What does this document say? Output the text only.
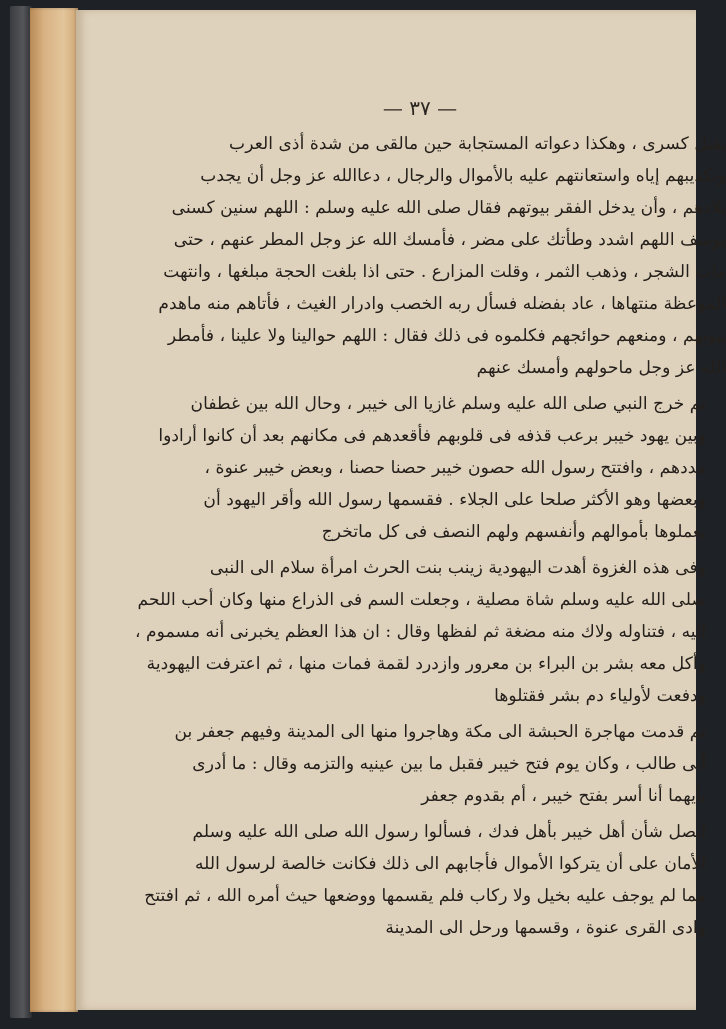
— ٣٧ —
بقتل كسرى ، وهكذا دعواته المستجابة حين مالقى من شدة أذى العرب
وتكذيبهم إياه واستعانتهم عليه بالأموال والرجال ، دعاالله عز وجل أن يجدب
بلادهم ، وأن يدخل الفقر بيوتهم فقال صلى الله عليه وسلم : اللهم سنين كسنى
يوسف اللهم اشدد وطأتك على مضر ، فأمسك الله عز وجل المطر عنهم ، حتى
مات الشجر ، وذهب الثمر ، وقلت المزارع . حتى اذا بلغت الحجة مبلغها ، وانتهت
الموعظة منتهاها ، عاد بفضله فسأل ربه الخصب وادرار الغيث ، فأتاهم منه ماهدم
بيوتهم ، ومنعهم حوائجهم فكلموه فى ذلك فقال : اللهم حوالينا ولا علينا ، فأمطر
الله عز وجل ماحولهم وأمسك عنهم
ثم خرج النبي صلى الله عليه وسلم غازيا الى خيبر ، وحال الله بين غطفان
وبين يهود خيبر برعب قذفه فى قلوبهم فأقعدهم فى مكانهم بعد أن كانوا أرادوا
مددهم ، وافتتح رسول الله حصون خيبر حصنا حصنا ، وبعض خيبر عنوة ،
وبعضها وهو الأكثر صلحا على الجلاء . فقسمها رسول الله وأقر اليهود أن
يعملوها بأموالهم وأنفسهم ولهم النصف فى كل ماتخرج
وفى هذه الغزوة أهدت اليهودية زينب بنت الحرث امرأة سلام الى النبى
صلى الله عليه وسلم شاة مصلية ، وجعلت السم فى الذراع منها وكان أحب اللحم
اليه ، فتناوله ولاك منه مضغة ثم لفظها وقال : ان هذا العظم يخبرنى أنه مسموم ،
وأكل معه بشر بن البراء بن معرور وازدرد لقمة فمات منها ، ثم اعترفت اليهودية
ودفعت لأولياء دم بشر فقتلوها
ثم قدمت مهاجرة الحبشة الى مكة وهاجروا منها الى المدينة وفيهم جعفر بن
أبى طالب ، وكان يوم فتح خيبر فقبل ما بين عينيه والتزمه وقال : ما أدرى
بأيهما أنا أسر بفتح خيبر ، أم بقدوم جعفر
اتصل شأن أهل خيبر بأهل فدك ، فسألوا رسول الله صلى الله عليه وسلم
الأمان على أن يتركوا الأموال فأجابهم الى ذلك فكانت خالصة لرسول الله
مما لم يوجف عليه بخيل ولا ركاب فلم يقسمها ووضعها حيث أمره الله ، ثم افتتح
وادى القرى عنوة ، وقسمها ورحل الى المدينة
